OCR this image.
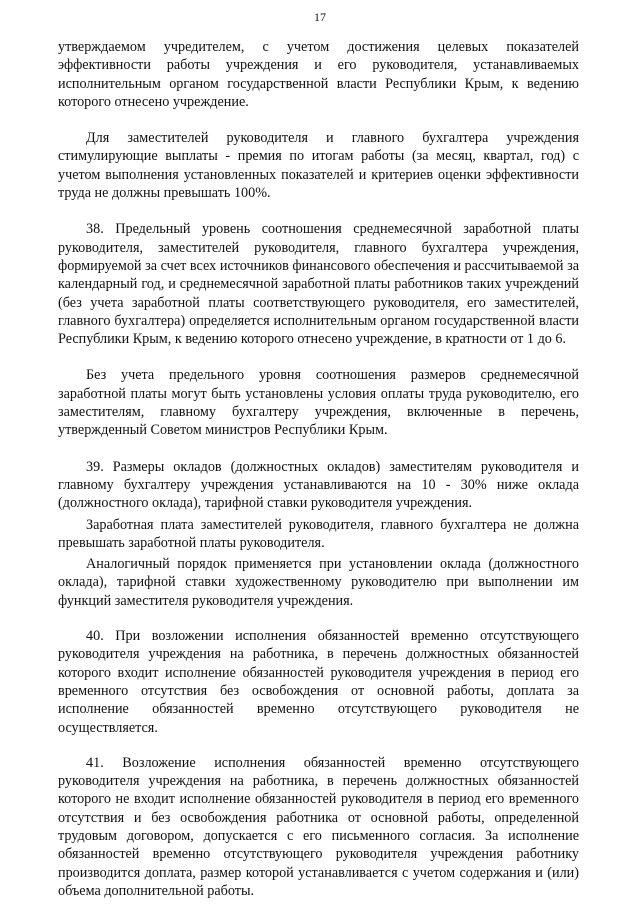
17

утверждаемом учредителем, с учетом достижения целевых показателей эффективности работы учреждения и его руководителя, устанавливаемых исполнительным органом государственной власти Республики Крым, к ведению которого отнесено учреждение.

Для заместителей руководителя и главного бухгалтера учреждения стимулирующие выплаты - премия по итогам работы (за месяц, квартал, год) с учетом выполнения установленных показателей и критериев оценки эффективности труда не должны превышать 100%.

38. Предельный уровень соотношения среднемесячной заработной платы руководителя, заместителей руководителя, главного бухгалтера учреждения, формируемой за счет всех источников финансового обеспечения и рассчитываемой за календарный год, и среднемесячной заработной платы работников таких учреждений (без учета заработной платы соответствующего руководителя, его заместителей, главного бухгалтера) определяется исполнительным органом государственной власти Республики Крым, к ведению которого отнесено учреждение, в кратности от 1 до 6.

Без учета предельного уровня соотношения размеров среднемесячной заработной платы могут быть установлены условия оплаты труда руководителю, его заместителям, главному бухгалтеру учреждения, включенные в перечень, утвержденный Советом министров Республики Крым.

39. Размеры окладов (должностных окладов) заместителям руководителя и главному бухгалтеру учреждения устанавливаются на 10 - 30% ниже оклада (должностного оклада), тарифной ставки руководителя учреждения.

Заработная плата заместителей руководителя, главного бухгалтера не должна превышать заработной платы руководителя.

Аналогичный порядок применяется при установлении оклада (должностного оклада), тарифной ставки художественному руководителю при выполнении им функций заместителя руководителя учреждения.

40. При возложении исполнения обязанностей временно отсутствующего руководителя учреждения на работника, в перечень должностных обязанностей которого входит исполнение обязанностей руководителя учреждения в период его временного отсутствия без освобождения от основной работы, доплата за исполнение обязанностей временно отсутствующего руководителя не осуществляется.

41. Возложение исполнения обязанностей временно отсутствующего руководителя учреждения на работника, в перечень должностных обязанностей которого не входит исполнение обязанностей руководителя в период его временного отсутствия и без освобождения работника от основной работы, определенной трудовым договором, допускается с его письменного согласия. За исполнение обязанностей временно отсутствующего руководителя учреждения работнику производится доплата, размер которой устанавливается с учетом содержания и (или) объема дополнительной работы.
